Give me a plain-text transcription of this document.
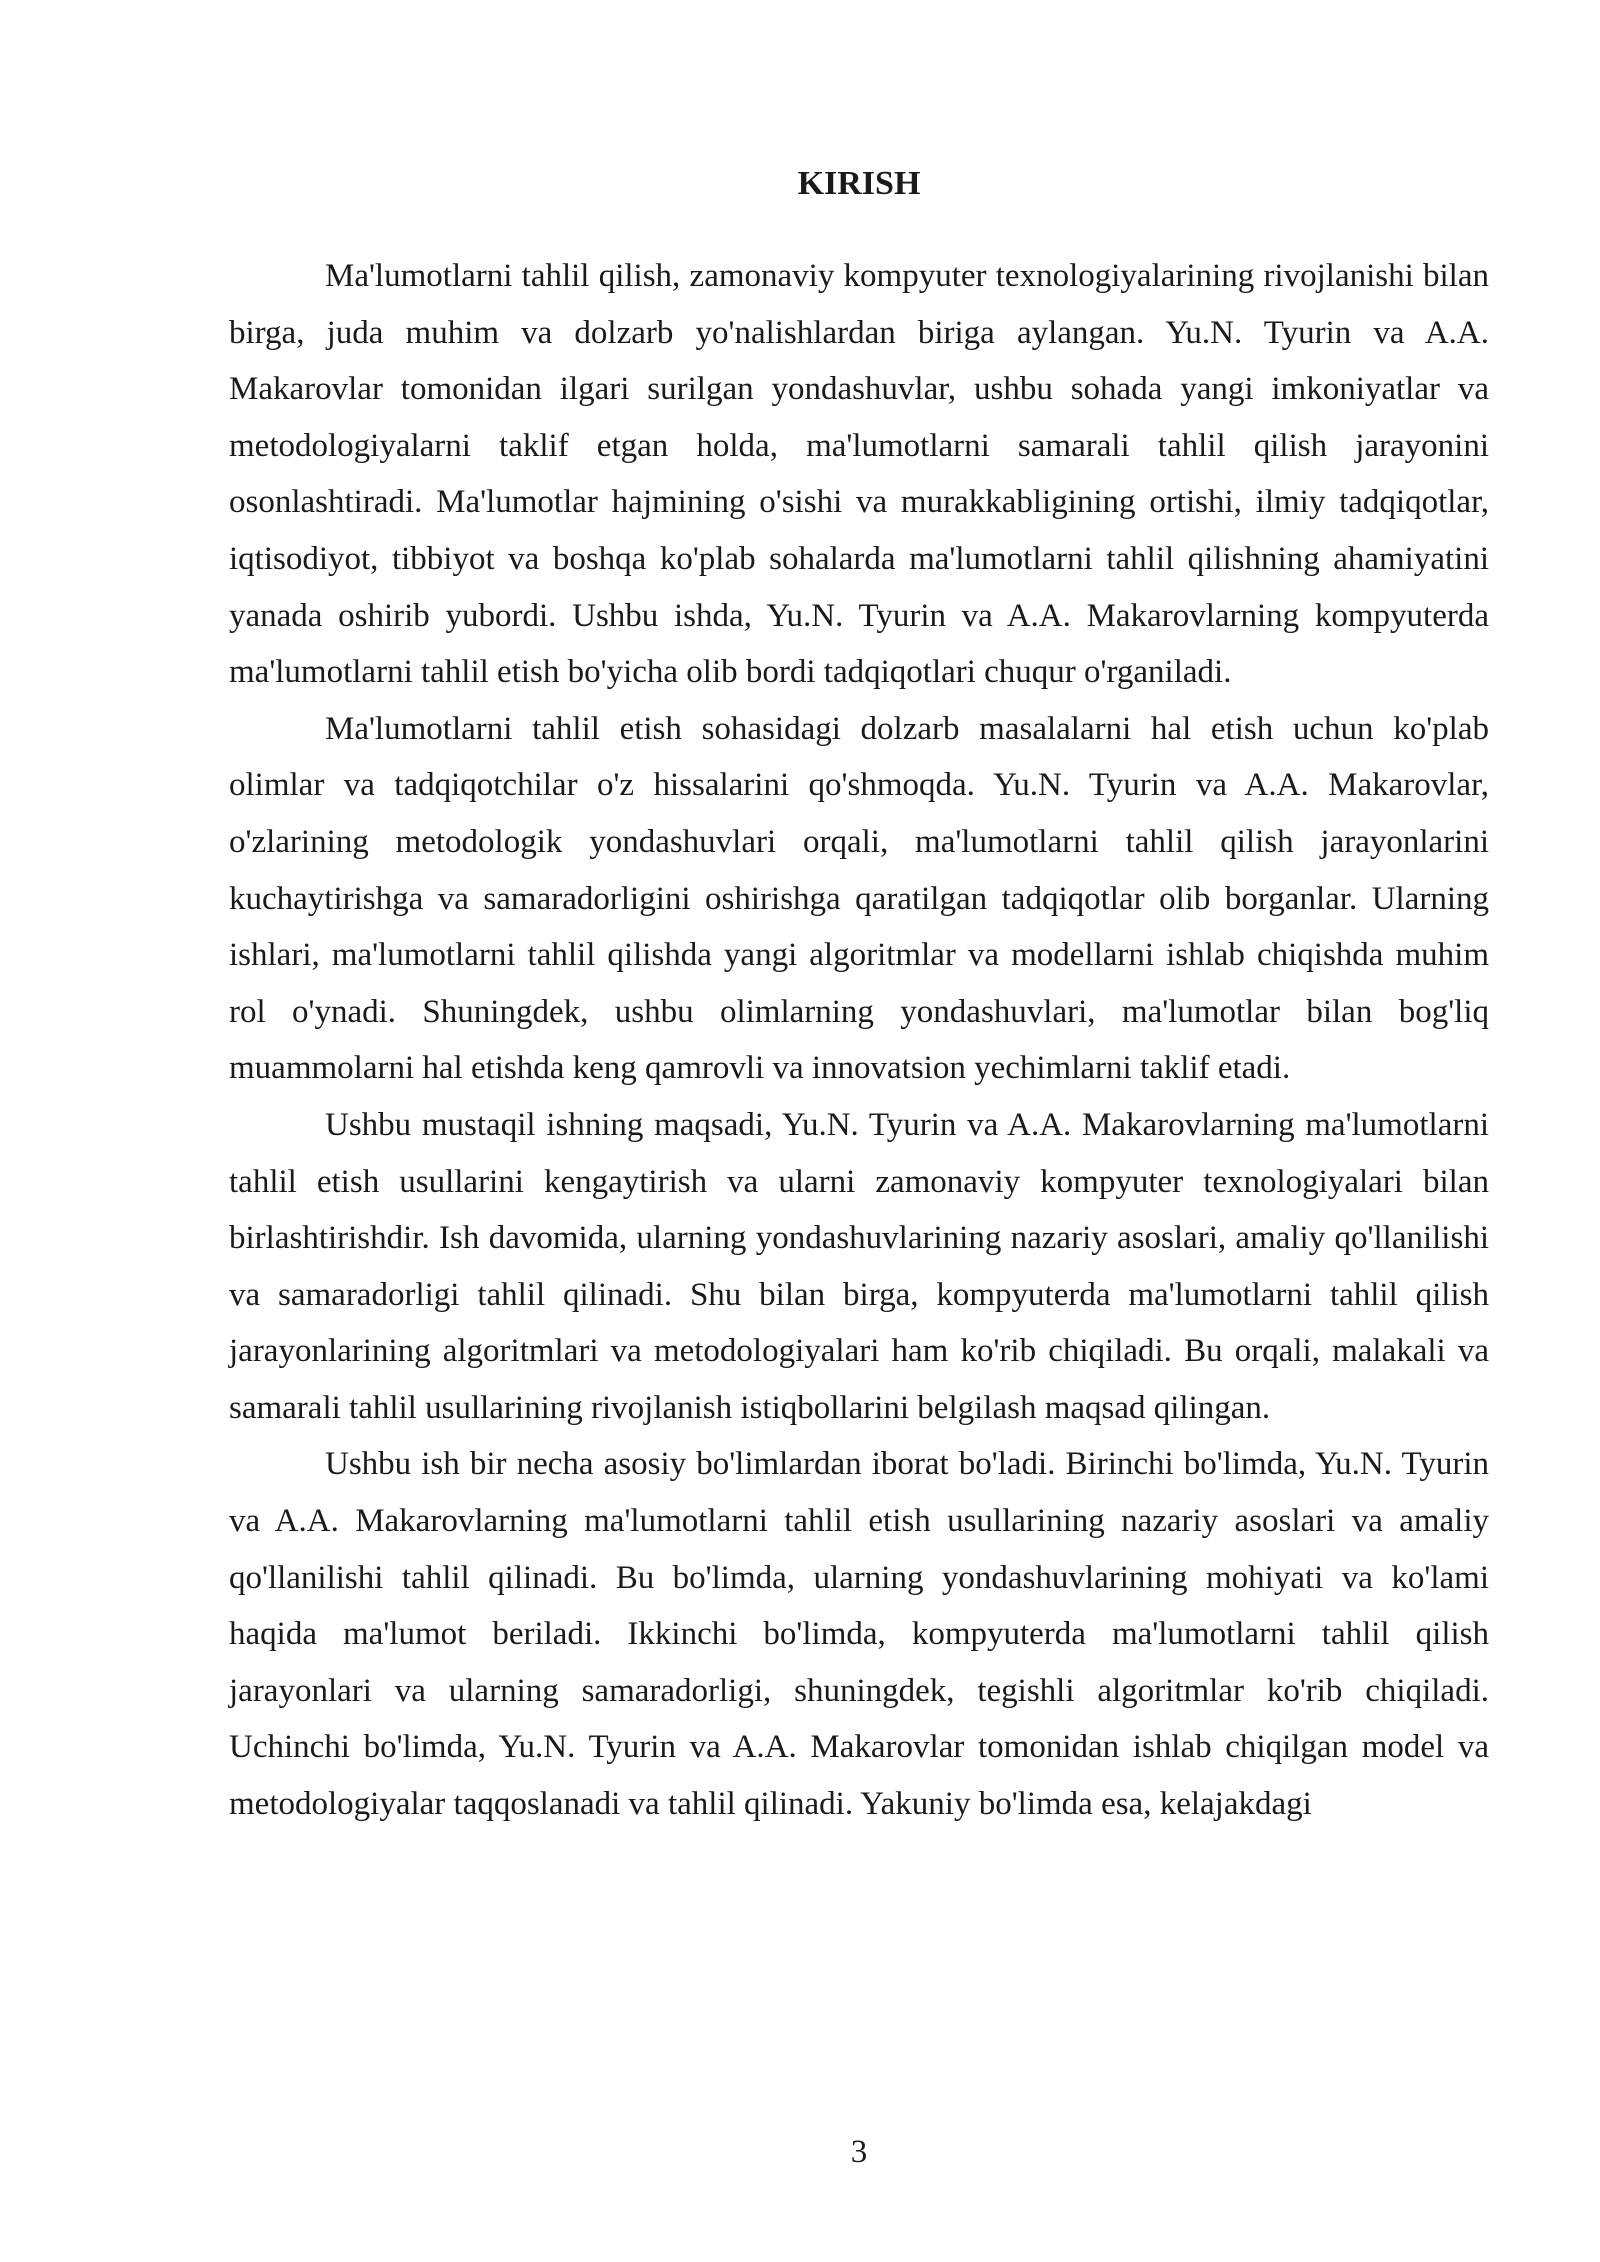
KIRISH

Ma'lumotlarni tahlil qilish, zamonaviy kompyuter texnologiyalarining rivojlanishi bilan birga, juda muhim va dolzarb yo'nalishlardan biriga aylangan. Yu.N. Tyurin va A.A. Makarovlar tomonidan ilgari surilgan yondashuvlar, ushbu sohada yangi imkoniyatlar va metodologiyalarni taklif etgan holda, ma'lumotlarni samarali tahlil qilish jarayonini osonlashtiradi. Ma'lumotlar hajmining o'sishi va murakkabligining ortishi, ilmiy tadqiqotlar, iqtisodiyot, tibbiyot va boshqa ko'plab sohalarda ma'lumotlarni tahlil qilishning ahamiyatini yanada oshirib yubordi. Ushbu ishda, Yu.N. Tyurin va A.A. Makarovlarning kompyuterda ma'lumotlarni tahlil etish bo'yicha olib bordi tadqiqotlari chuqur o'rganiladi.

Ma'lumotlarni tahlil etish sohasidagi dolzarb masalalarni hal etish uchun ko'plab olimlar va tadqiqotchilar o'z hissalarini qo'shmoqda. Yu.N. Tyurin va A.A. Makarovlar, o'zlarining metodologik yondashuvlari orqali, ma'lumotlarni tahlil qilish jarayonlarini kuchaytirishga va samaradorligini oshirishga qaratilgan tadqiqotlar olib borganlar. Ularning ishlari, ma'lumotlarni tahlil qilishda yangi algoritmlar va modellarni ishlab chiqishda muhim rol o'ynadi. Shuningdek, ushbu olimlarning yondashuvlari, ma'lumotlar bilan bog'liq muammolarni hal etishda keng qamrovli va innovatsion yechimlarni taklif etadi.

Ushbu mustaqil ishning maqsadi, Yu.N. Tyurin va A.A. Makarovlarning ma'lumotlarni tahlil etish usullarini kengaytirish va ularni zamonaviy kompyuter texnologiyalari bilan birlashtirishdir. Ish davomida, ularning yondashuvlarining nazariy asoslari, amaliy qo'llanilishi va samaradorligi tahlil qilinadi. Shu bilan birga, kompyuterda ma'lumotlarni tahlil qilish jarayonlarining algoritmlari va metodologiyalari ham ko'rib chiqiladi. Bu orqali, malakali va samarali tahlil usullarining rivojlanish istiqbollarini belgilash maqsad qilingan.

Ushbu ish bir necha asosiy bo'limlardan iborat bo'ladi. Birinchi bo'limda, Yu.N. Tyurin va A.A. Makarovlarning ma'lumotlarni tahlil etish usullarining nazariy asoslari va amaliy qo'llanilishi tahlil qilinadi. Bu bo'limda, ularning yondashuvlarining mohiyati va ko'lami haqida ma'lumot beriladi. Ikkinchi bo'limda, kompyuterda ma'lumotlarni tahlil qilish jarayonlari va ularning samaradorligi, shuningdek, tegishli algoritmlar ko'rib chiqiladi. Uchinchi bo'limda, Yu.N. Tyurin va A.A. Makarovlar tomonidan ishlab chiqilgan model va metodologiyalar taqqoslanadi va tahlil qilinadi. Yakuniy bo'limda esa, kelajakdagi

3
